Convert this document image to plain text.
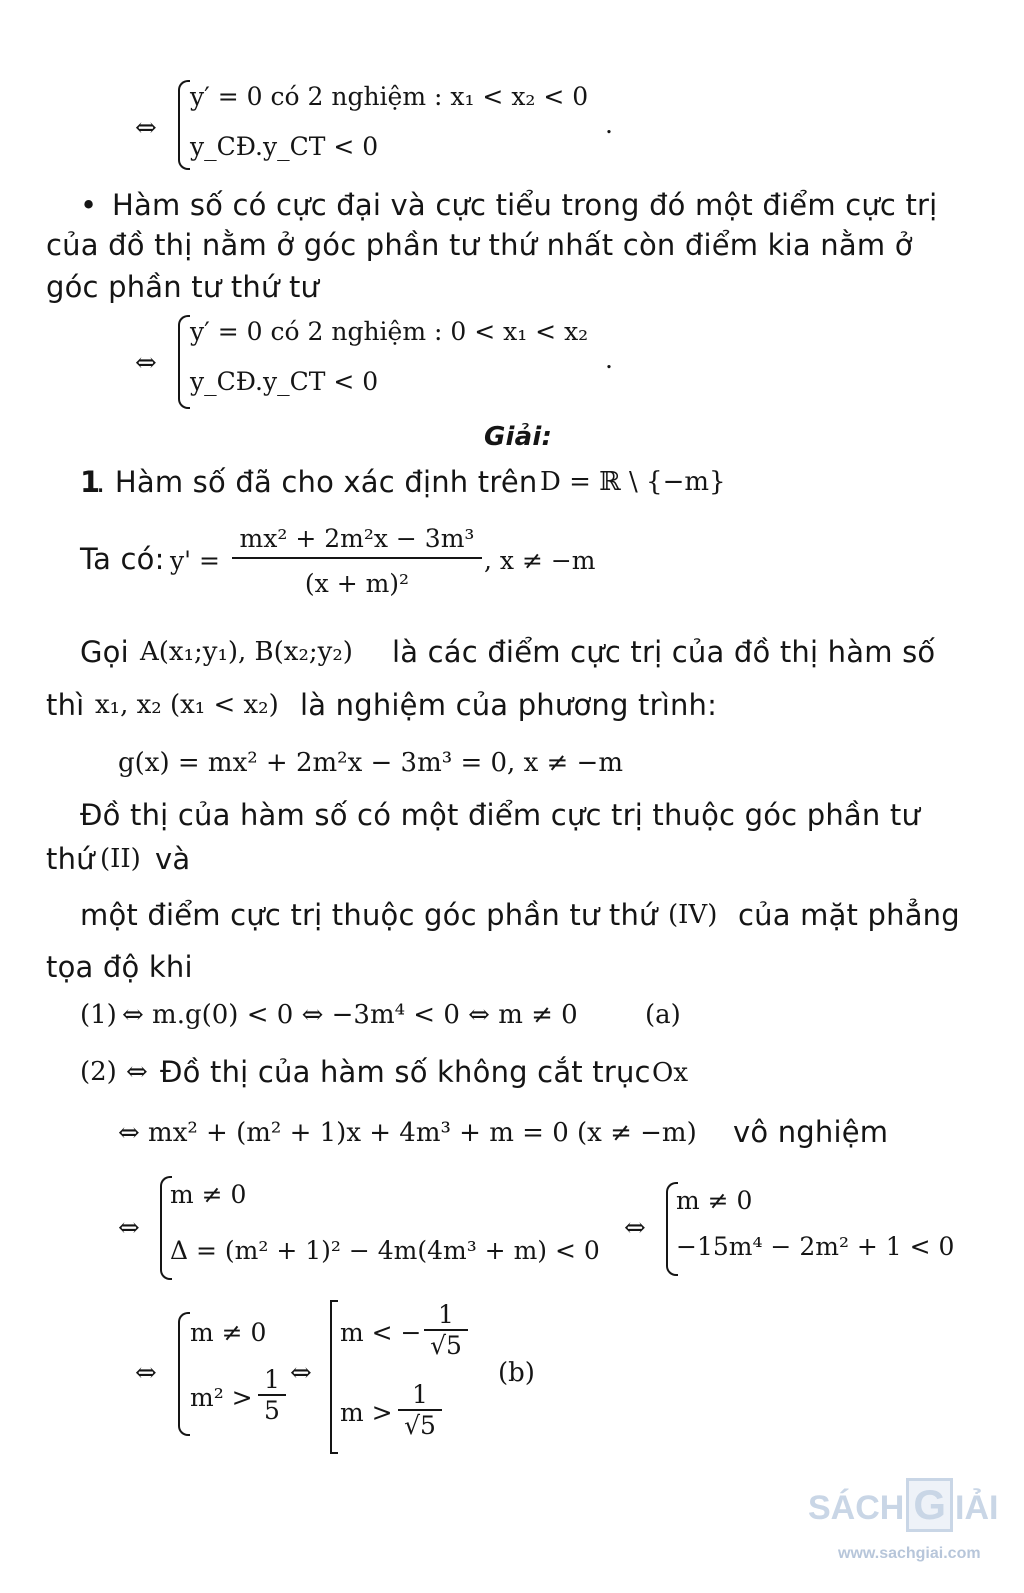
⇔
y′ = 0 có 2 nghiệm : x₁ < x₂ < 0
y_CĐ.y_CT < 0
.
• Hàm số có cực đại và cực tiểu trong đó một điểm cực trị
của đồ thị nằm ở góc phần tư thứ nhất còn điểm kia nằm ở
góc phần tư thứ tư
⇔
y′ = 0 có 2 nghiệm : 0 < x₁ < x₂
y_CĐ.y_CT < 0
.
Giải:
1
. Hàm số đã cho xác định trên D = ℝ \ {−m}
Ta có: $y' = \frac{\text{mx² + 2m²x − 3m³}}{\text{(x + m)²}}$ , x ≠ −m
Gọi A(x₁;y₁), B(x₂;y₂) là các điểm cực trị của đồ thị hàm số
thì x₁, x₂ (x₁ < x₂) là nghiệm của phương trình:
g(x) = mx² + 2m²x − 3m³ = 0, x ≠ −m
Đồ thị của hàm số có một điểm cực trị thuộc góc phần tư
thứ (II) và
một điểm cực trị thuộc góc phần tư thứ (IV) của mặt phẳng
tọa độ khi
(1) ⇔ m.g(0) < 0 ⇔ −3m⁴ < 0 ⇔ m ≠ 0	(a)
(2) ⇔ Đồ thị của hàm số không cắt trục Ox
⇔ mx² + (m² + 1)x + 4m³ + m = 0 (x ≠ −m) vô nghiệm
⇔
m ≠ 0
Δ = (m² + 1)² − 4m(4m³ + m) < 0
⇔
m ≠ 0
−15m⁴ − 2m² + 1 < 0
⇔
m ≠ 0
$m^2 > \frac{1}{5}$ ⇔
m < − $\frac{1}{√5}$
$m > \frac{1}{√5}$
(b)
SÁCH G IẢI
www.sachgiai.com
